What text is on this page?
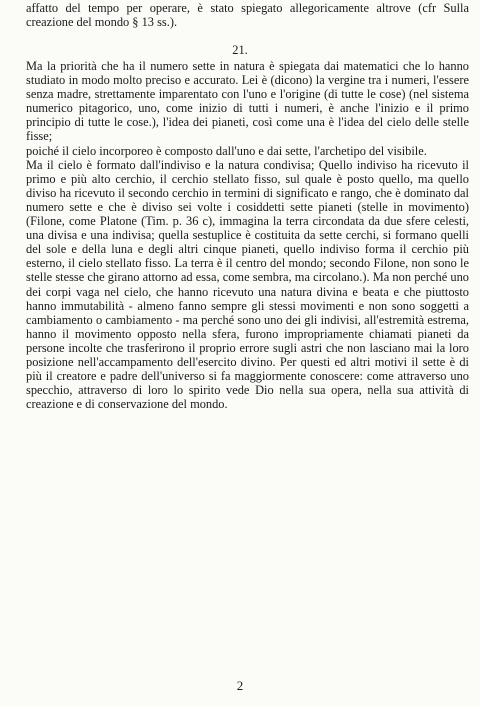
affatto del tempo per operare, è stato spiegato allegoricamente altrove (cfr Sulla creazione del mondo § 13 ss.).

21.

Ma la priorità che ha il numero sette in natura è spiegata dai matematici che lo hanno studiato in modo molto preciso e accurato. Lei è (dicono) la vergine tra i numeri, l'essere senza madre, strettamente imparentato con l'uno e l'origine (di tutte le cose) (nel sistema numerico pitagorico, uno, come inizio di tutti i numeri, è anche l'inizio e il primo principio di tutte le cose.), l'idea dei pianeti, così come una è l'idea del cielo delle stelle fisse;

poiché il cielo incorporeo è composto dall'uno e dai sette, l'archetipo del visibile.

Ma il cielo è formato dall'indiviso e la natura condivisa; Quello indiviso ha ricevuto il primo e più alto cerchio, il cerchio stellato fisso, sul quale è posto quello, ma quello diviso ha ricevuto il secondo cerchio in termini di significato e rango, che è dominato dal numero sette e che è diviso sei volte i cosiddetti sette pianeti (stelle in movimento) (Filone, come Platone (Tim. p. 36 c), immagina la terra circondata da due sfere celesti, una divisa e una indivisa; quella sestuplice è costituita da sette cerchi, si formano quelli del sole e della luna e degli altri cinque pianeti, quello indiviso forma il cerchio più esterno, il cielo stellato fisso. La terra è il centro del mondo; secondo Filone, non sono le stelle stesse che girano attorno ad essa, come sembra, ma circolano.). Ma non perché uno dei corpi vaga nel cielo, che hanno ricevuto una natura divina e beata e che piuttosto hanno immutabilità - almeno fanno sempre gli stessi movimenti e non sono soggetti a cambiamento o cambiamento - ma perché sono uno dei gli indivisi, all'estremità estrema, hanno il movimento opposto nella sfera, furono impropriamente chiamati pianeti da persone incolte che trasferirono il proprio errore sugli astri che non lasciano mai la loro posizione nell'accampamento dell'esercito divino. Per questi ed altri motivi il sette è di più il creatore e padre dell'universo si fa maggiormente conoscere: come attraverso uno specchio, attraverso di loro lo spirito vede Dio nella sua opera, nella sua attività di creazione e di conservazione del mondo.

2
